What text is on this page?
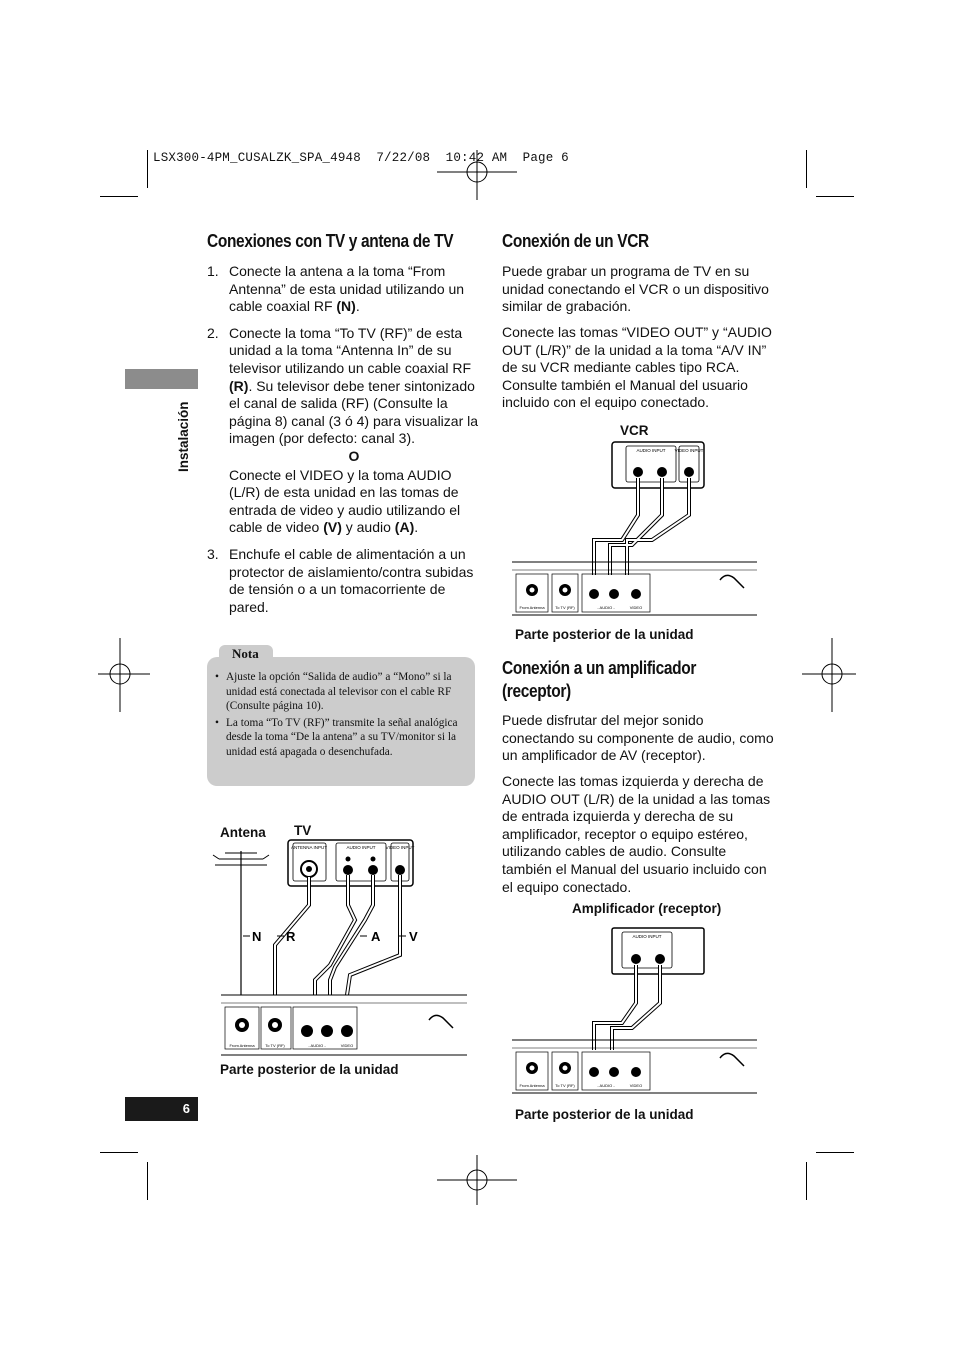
LSX300-4PM_CUSALZK_SPA_4948  7/22/08  10:42 AM  Page 6
Instalación
6
Conexiones con TV y antena de TV
1. Conecte la antena a la toma “From Antenna” de esta unidad utilizando un cable coaxial RF (N).
2. Conecte la toma “To TV (RF)” de esta unidad a la toma “Antenna In” de su televisor utilizando un cable coaxial RF (R). Su televisor debe tener sintonizado el canal de salida (RF) (Consulte la página 8) canal (3 ó 4) para visualizar la imagen (por defecto: canal 3).
O
Conecte el VIDEO y la toma AUDIO (L/R) de esta unidad en las tomas de entrada de video y audio utilizando el cable de video (V) y audio (A).
3. Enchufe el cable de alimentación a un protector de aislamiento/contra subidas de tensión o a un tomacorriente de pared.
• Ajuste la opción “Salida de audio” a “Mono” si la unidad está conectada al televisor con el cable RF (Consulte página 10).
• La toma “To TV (RF)” transmite la señal analógica desde la toma “De la antena” a su TV/monitor si la unidad está apagada o desenchufada.
Nota
Antena TV
ANTENNA INPUT	AUDIO INPUT VIDEO INPUT
N R	A V
From Antenna	To TV (RF)	- AUDIO -	VIDEO
Parte posterior de la unidad
Conexión de un VCR

Puede grabar un programa de TV en su unidad conectando el VCR o un dispositivo similar de grabación.

Conecte las tomas “VIDEO OUT” y “AUDIO OUT (L/R)” de la unidad a la toma “A/V IN” de su VCR mediante cables tipo RCA. Consulte también el Manual del usuario incluido con el equipo conectado.

VCR
AUDIO INPUT VIDEO INPUT
From Antenna	To TV (RF)	- AUDIO -	VIDEO
Parte posterior de la unidad
Conexión a un amplificador
(receptor)

Puede disfrutar del mejor sonido conectando su componente de audio, como un amplificador de AV (receptor).

Conecte las tomas izquierda y derecha de AUDIO OUT (L/R) de la unidad a las tomas de entrada izquierda y derecha de su amplificador, receptor o equipo estéreo, utilizando cables de audio. Consulte también el Manual del usuario incluido con el equipo conectado.

Amplificador (receptor)
AUDIO INPUT
From Antenna	To TV (RF)	- AUDIO -	VIDEO
Parte posterior de la unidad
